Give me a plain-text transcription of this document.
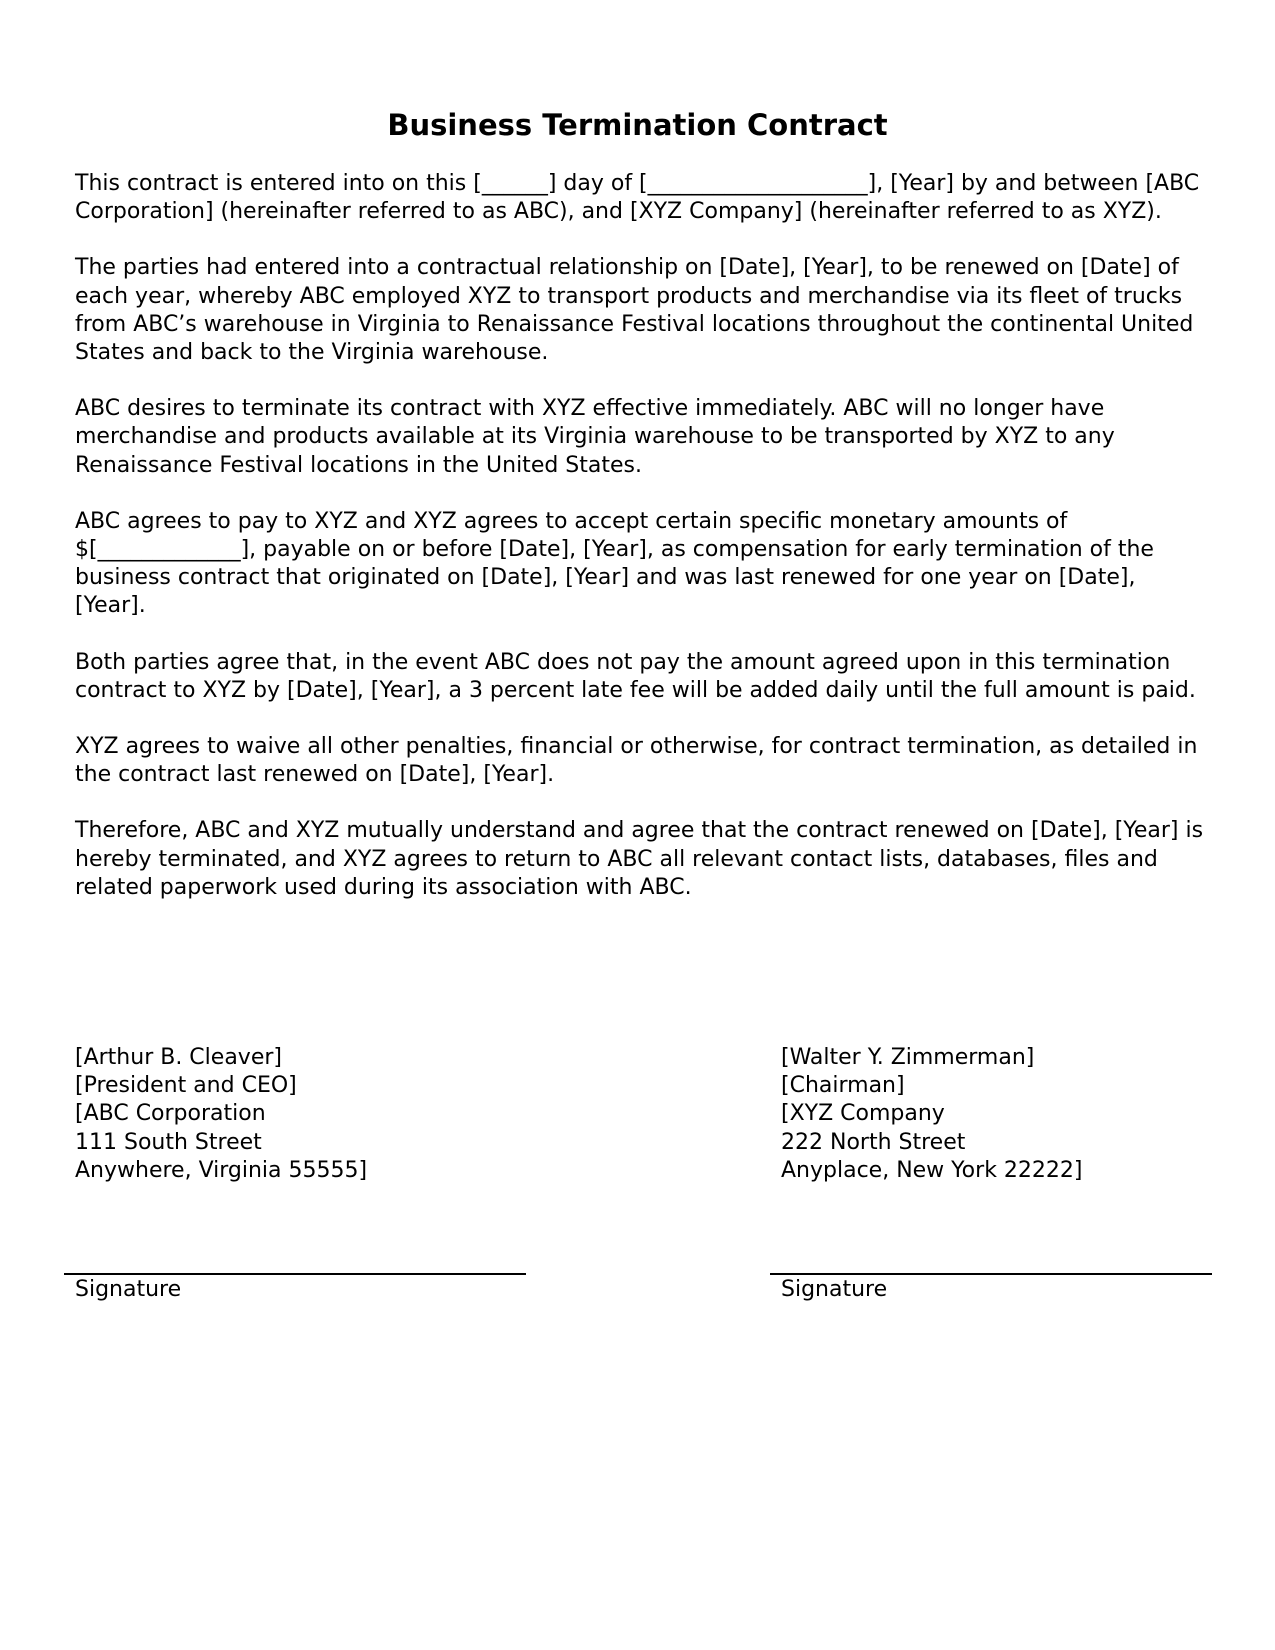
Business Termination Contract

This contract is entered into on this [______] day of [____________________], [Year] by and between [ABC Corporation] (hereinafter referred to as ABC), and [XYZ Company] (hereinafter referred to as XYZ).

The parties had entered into a contractual relationship on [Date], [Year], to be renewed on [Date] of each year, whereby ABC employed XYZ to transport products and merchandise via its fleet of trucks from ABC’s warehouse in Virginia to Renaissance Festival locations throughout the continental United States and back to the Virginia warehouse.

ABC desires to terminate its contract with XYZ effective immediately. ABC will no longer have merchandise and products available at its Virginia warehouse to be transported by XYZ to any Renaissance Festival locations in the United States.

ABC agrees to pay to XYZ and XYZ agrees to accept certain specific monetary amounts of $[_____________], payable on or before [Date], [Year], as compensation for early termination of the business contract that originated on [Date], [Year] and was last renewed for one year on [Date], [Year].

Both parties agree that, in the event ABC does not pay the amount agreed upon in this termination contract to XYZ by [Date], [Year], a 3 percent late fee will be added daily until the full amount is paid.

XYZ agrees to waive all other penalties, financial or otherwise, for contract termination, as detailed in the contract last renewed on [Date], [Year].

Therefore, ABC and XYZ mutually understand and agree that the contract renewed on [Date], [Year] is hereby terminated, and XYZ agrees to return to ABC all relevant contact lists, databases, files and related paperwork used during its association with ABC.

[Arthur B. Cleaver]
[President and CEO]
[ABC Corporation
111 South Street
Anywhere, Virginia 55555]
[Walter Y. Zimmerman]
[Chairman]
[XYZ Company
222 North Street
Anyplace, New York 22222]
Signature	Signature
